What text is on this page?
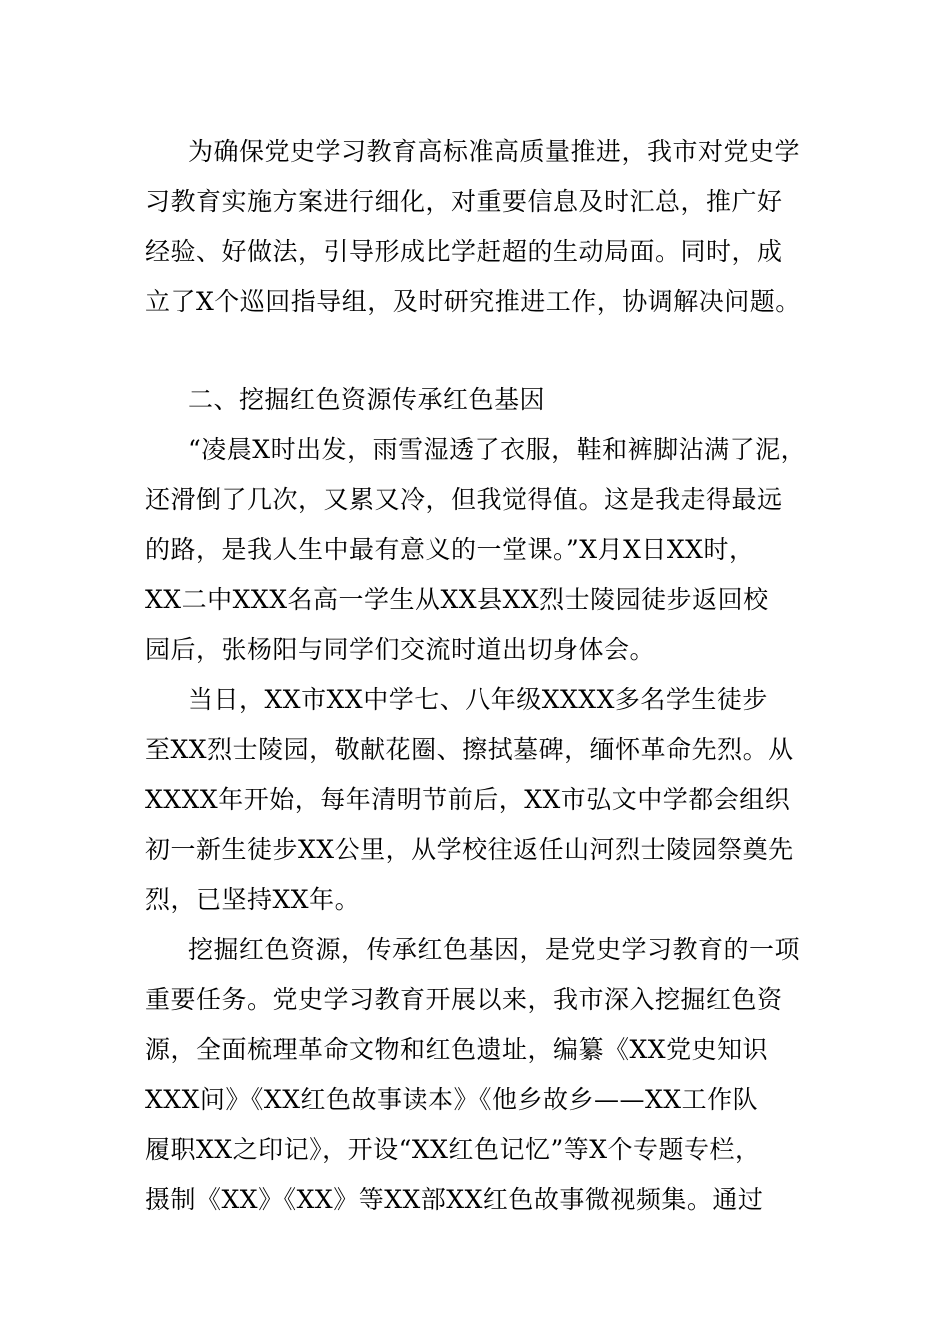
为确保党史学习教育高标准高质量推进，我市对党史学
习教育实施方案进行细化，对重要信息及时汇总，推广好
经验、好做法，引导形成比学赶超的生动局面。同时，成
立了X个巡回指导组，及时研究推进工作，协调解决问题。
二、挖掘红色资源传承红色基因
“凌晨X时出发，雨雪湿透了衣服，鞋和裤脚沾满了泥，
还滑倒了几次，又累又冷，但我觉得值。这是我走得最远
的路，是我人生中最有意义的一堂课。”X月X日XX时，
XX二中XXX名高一学生从XX县XX烈士陵园徒步返回校
园后，张杨阳与同学们交流时道出切身体会。
当日，XX市XX中学七、八年级XXXX多名学生徒步
至XX烈士陵园，敬献花圈、擦拭墓碑，缅怀革命先烈。从
XXXX年开始，每年清明节前后，XX市弘文中学都会组织
初一新生徒步XX公里，从学校往返任山河烈士陵园祭奠先
烈，已坚持XX年。
挖掘红色资源，传承红色基因，是党史学习教育的一项
重要任务。党史学习教育开展以来，我市深入挖掘红色资
源，全面梳理革命文物和红色遗址，编纂《XX党史知识
XXX问》《XX红色故事读本》《他乡故乡——XX工作队
履职XX之印记》，开设“XX红色记忆”等X个专题专栏，
摄制《XX》《XX》等XX部XX红色故事微视频集。通过
